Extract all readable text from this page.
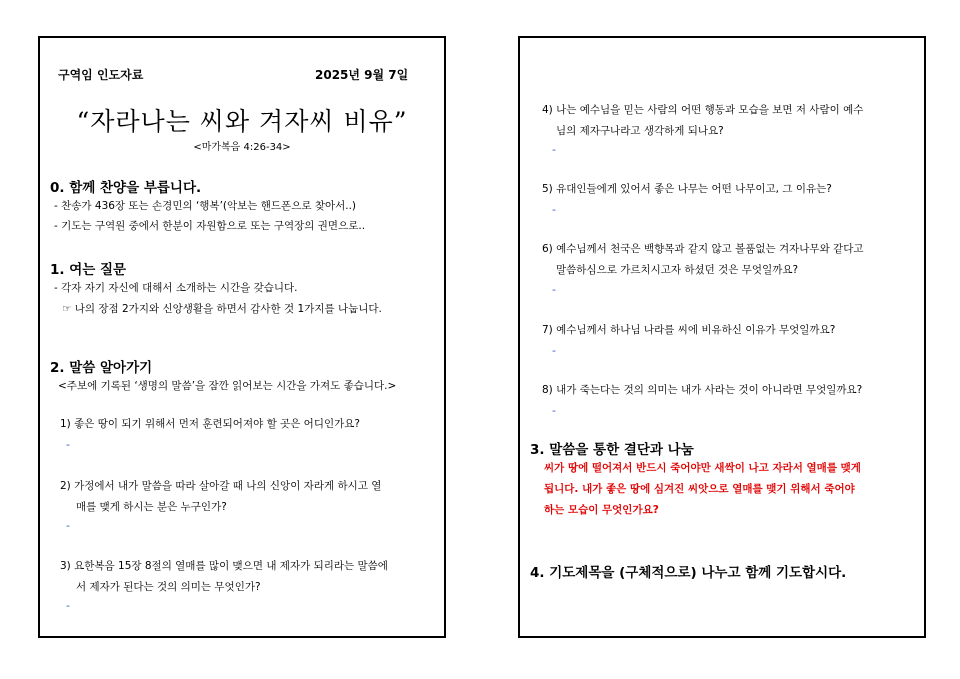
구역임 인도자료	2025년 9월 7일
“자라나는 씨와 겨자씨 비유”
<마가복음 4:26-34>
0. 함께 찬양을 부릅니다.
- 찬송가 436장 또는 손경민의 ‘행복’(악보는 핸드폰으로 찾아서..)
- 기도는 구역원 중에서 한분이 자원함으로 또는 구역장의 권면으로..
1. 여는 질문
- 각자 자기 자신에 대해서 소개하는 시간을 갖습니다.
☞ 나의 장점 2가지와 신앙생활을 하면서 감사한 것 1가지를 나눕니다.
2. 말씀 알아가기
<주보에 기록된 ‘생명의 말씀’을 잠깐 읽어보는 시간을 가져도 좋습니다.>
1) 좋은 땅이 되기 위해서 먼저 훈련되어져야 할 곳은 어디인가요?
-
2) 가정에서 내가 말씀을 따라 살아갈 때 나의 신앙이 자라게 하시고 열
매를 맺게 하시는 분은 누구인가?
-
3) 요한복음 15장 8절의 열매를 많이 맺으면 내 제자가 되리라는 말씀에
서 제자가 된다는 것의 의미는 무엇인가?
-
4) 나는 예수님을 믿는 사람의 어떤 행동과 모습을 보면 저 사람이 예수
님의 제자구나라고 생각하게 되나요?
-
5) 유대인들에게 있어서 좋은 나무는 어떤 나무이고, 그 이유는?
-
6) 예수님께서 천국은 백향목과 같지 않고 볼품없는 겨자나무와 같다고
말씀하심으로 가르치시고자 하셨던 것은 무엇일까요?
-
7) 예수님께서 하나님 나라를 씨에 비유하신 이유가 무엇일까요?
-
8) 내가 죽는다는 것의 의미는 내가 사라는 것이 아니라면 무엇일까요?
-
3. 말씀을 통한 결단과 나눔
씨가 땅에 떨어져서 반드시 죽어야만 새싹이 나고 자라서 열매를 맺게
됩니다. 내가 좋은 땅에 심겨진 씨앗으로 열매를 맺기 위해서 죽어야
하는 모습이 무엇인가요?
4. 기도제목을 (구체적으로) 나누고 함께 기도합시다.
